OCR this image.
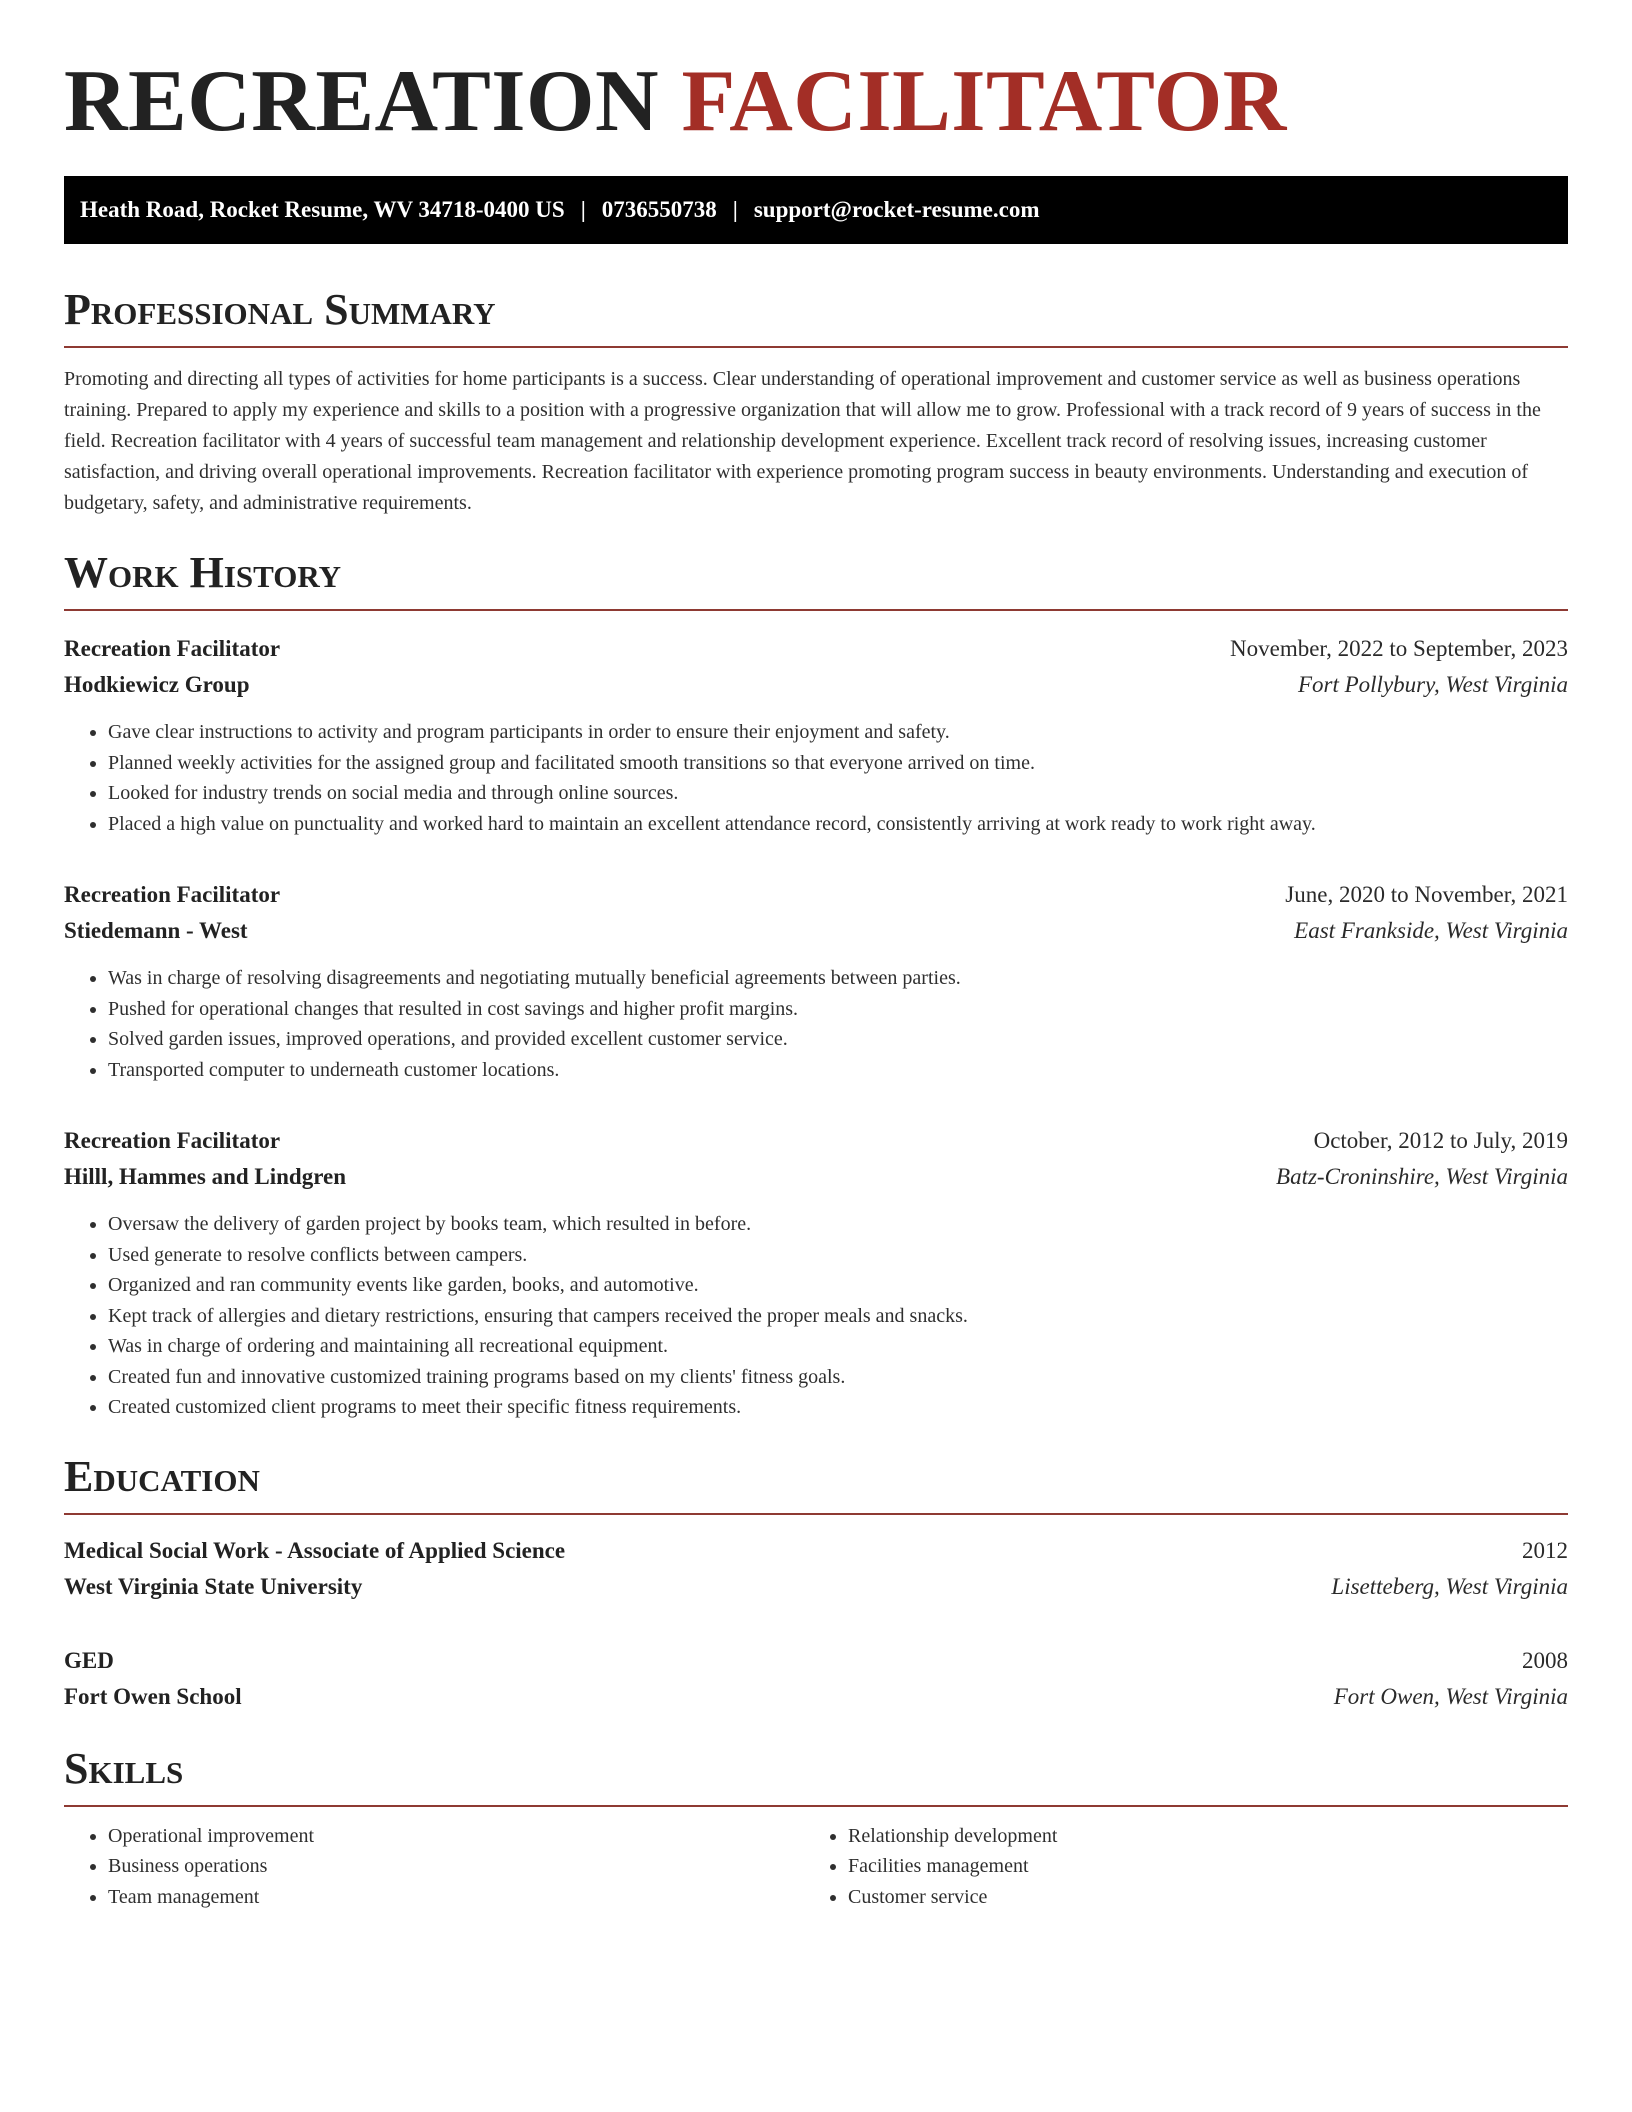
RECREATION FACILITATOR
Heath Road, Rocket Resume, WV 34718-0400 US | 0736550738 | support@rocket-resume.com
Professional Summary

Promoting and directing all types of activities for home participants is a success. Clear understanding of operational improvement and customer service as well as business operations training. Prepared to apply my experience and skills to a position with a progressive organization that will allow me to grow. Professional with a track record of 9 years of success in the field. Recreation facilitator with 4 years of successful team management and relationship development experience. Excellent track record of resolving issues, increasing customer satisfaction, and driving overall operational improvements. Recreation facilitator with experience promoting program success in beauty environments. Understanding and execution of budgetary, safety, and administrative requirements.

Work History
Recreation Facilitator	November, 2022 to September, 2023
Hodkiewicz Group	Fort Pollybury, West Virginia
• Gave clear instructions to activity and program participants in order to ensure their enjoyment and safety.
• Planned weekly activities for the assigned group and facilitated smooth transitions so that everyone arrived on time.
• Looked for industry trends on social media and through online sources.
• Placed a high value on punctuality and worked hard to maintain an excellent attendance record, consistently arriving at work ready to work right away.
Recreation Facilitator	June, 2020 to November, 2021
Stiedemann - West	East Frankside, West Virginia
• Was in charge of resolving disagreements and negotiating mutually beneficial agreements between parties.
• Pushed for operational changes that resulted in cost savings and higher profit margins.
• Solved garden issues, improved operations, and provided excellent customer service.
• Transported computer to underneath customer locations.
Recreation Facilitator	October, 2012 to July, 2019
Hilll, Hammes and Lindgren	Batz-Croninshire, West Virginia
• Oversaw the delivery of garden project by books team, which resulted in before.
• Used generate to resolve conflicts between campers.
• Organized and ran community events like garden, books, and automotive.
• Kept track of allergies and dietary restrictions, ensuring that campers received the proper meals and snacks.
• Was in charge of ordering and maintaining all recreational equipment.
• Created fun and innovative customized training programs based on my clients' fitness goals.
• Created customized client programs to meet their specific fitness requirements.
Education
Medical Social Work - Associate of Applied Science	2012
West Virginia State University	Lisetteberg, West Virginia
GED	2008
Fort Owen School	Fort Owen, West Virginia
Skills
• Operational improvement
• Business operations
• Team management
• Relationship development
• Facilities management
• Customer service
